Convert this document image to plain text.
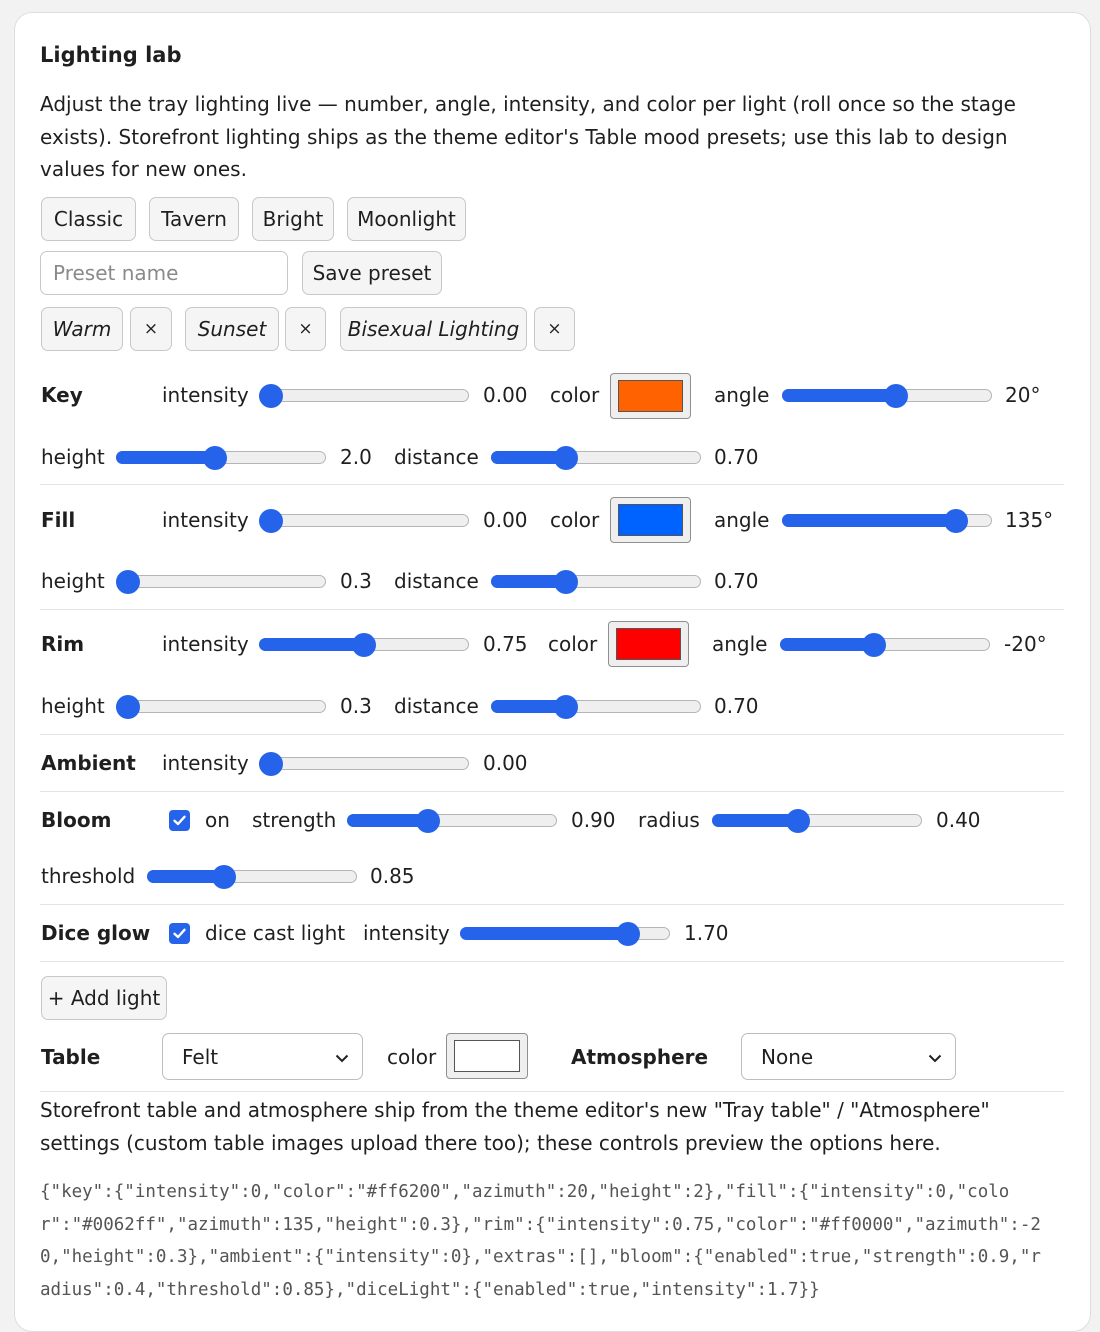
Lighting lab
Adjust the tray lighting live — number, angle, intensity, and color per light (roll once so the stage exists). Storefront lighting ships as the theme editor's Table mood presets; use this lab to design values for new ones.
Classic	Tavern	Bright	Moonlight
Preset name
Save preset
Warm	×	Sunset	×	Bisexual Lighting	×
Key	intensity	0.00 color	angle	20°
height	2.0 distance	0.70
Fill	intensity	0.00 color	angle	135°
height	0.3 distance	0.70
Rim	intensity	0.75 color	angle	-20°
height	0.3 distance	0.70
Ambient intensity	0.00
Bloom	on strength	0.90 radius	0.40
threshold	0.85
Dice glow	dice cast light intensity	1.70
+ Add light
Table	Felt	color	Atmosphere	None
Storefront table and atmosphere ship from the theme editor's new "Tray table" / "Atmosphere" settings (custom table images upload there too); these controls preview the options here.
{"key":{"intensity":0,"color":"#ff6200","azimuth":20,"height":2},"fill":{"intensity":0,"color":"#0062ff","azimuth":135,"height":0.3},"rim":{"intensity":0.75,"color":"#ff0000","azimuth":-20,"height":0.3},"ambient":{"intensity":0},"extras":[],"bloom":{"enabled":true,"strength":0.9,"radius":0.4,"threshold":0.85},"diceLight":{"enabled":true,"intensity":1.7}}
